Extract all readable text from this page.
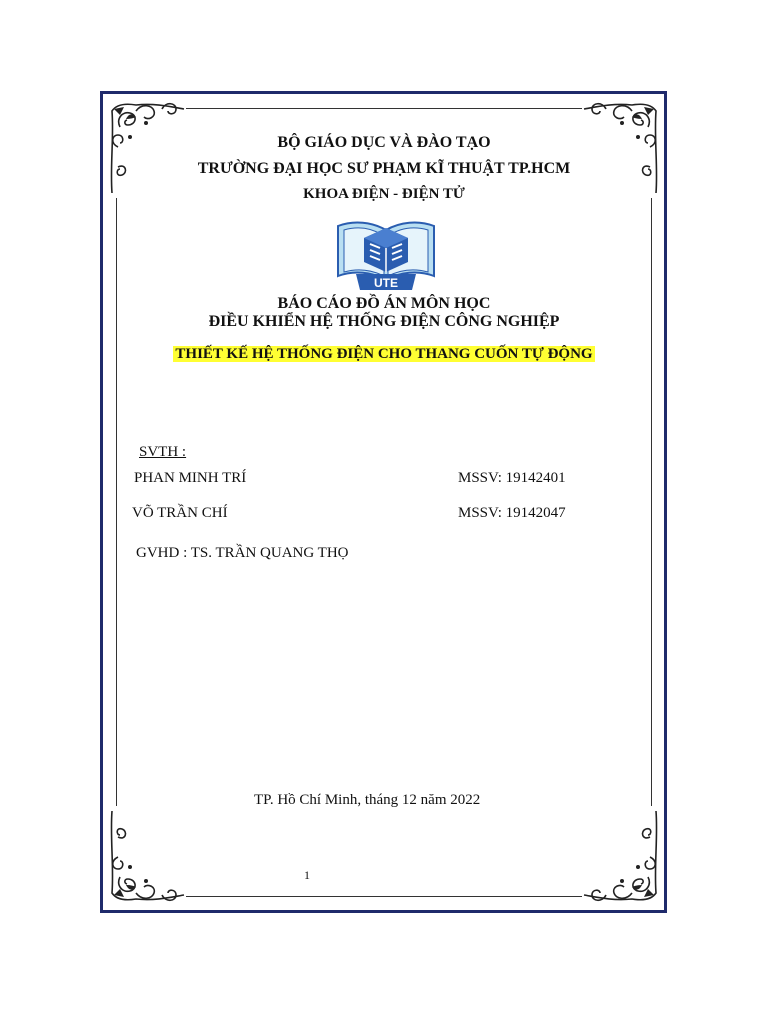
BỘ GIÁO DỤC VÀ ĐÀO TẠO
TRƯỜNG ĐẠI HỌC SƯ PHẠM KĨ THUẬT TP.HCM
KHOA ĐIỆN - ĐIỆN TỬ
UTE
BÁO CÁO ĐỒ ÁN MÔN HỌC
ĐIỀU KHIỂN HỆ THỐNG ĐIỆN CÔNG NGHIỆP
THIẾT KẾ HỆ THỐNG ĐIỆN CHO THANG CUỐN TỰ ĐỘNG
SVTH :
PHAN MINH TRÍ	MSSV: 19142401
VÕ TRẦN CHÍ	MSSV: 19142047
GVHD : TS. TRẦN QUANG THỌ
TP. Hồ Chí Minh, tháng 12 năm 2022
1
